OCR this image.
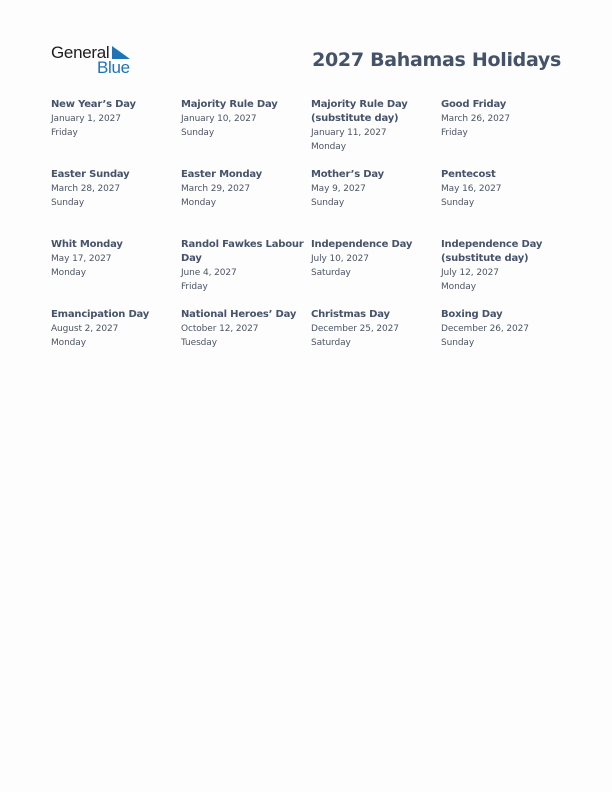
General
Blue	2027 Bahamas Holidays
New Year’s Day
January 1, 2027
Friday
Majority Rule Day
January 10, 2027
Sunday
Majority Rule Day (substitute day)
January 11, 2027
Monday
Good Friday
March 26, 2027
Friday
Easter Sunday
March 28, 2027
Sunday
Easter Monday
March 29, 2027
Monday
Mother’s Day
May 9, 2027
Sunday
Pentecost
May 16, 2027
Sunday
Whit Monday
May 17, 2027
Monday
Randol Fawkes Labour Day
June 4, 2027
Friday
Independence Day
July 10, 2027
Saturday
Independence Day (substitute day)
July 12, 2027
Monday
Emancipation Day
August 2, 2027
Monday
National Heroes’ Day
October 12, 2027
Tuesday
Christmas Day
December 25, 2027
Saturday
Boxing Day
December 26, 2027
Sunday
